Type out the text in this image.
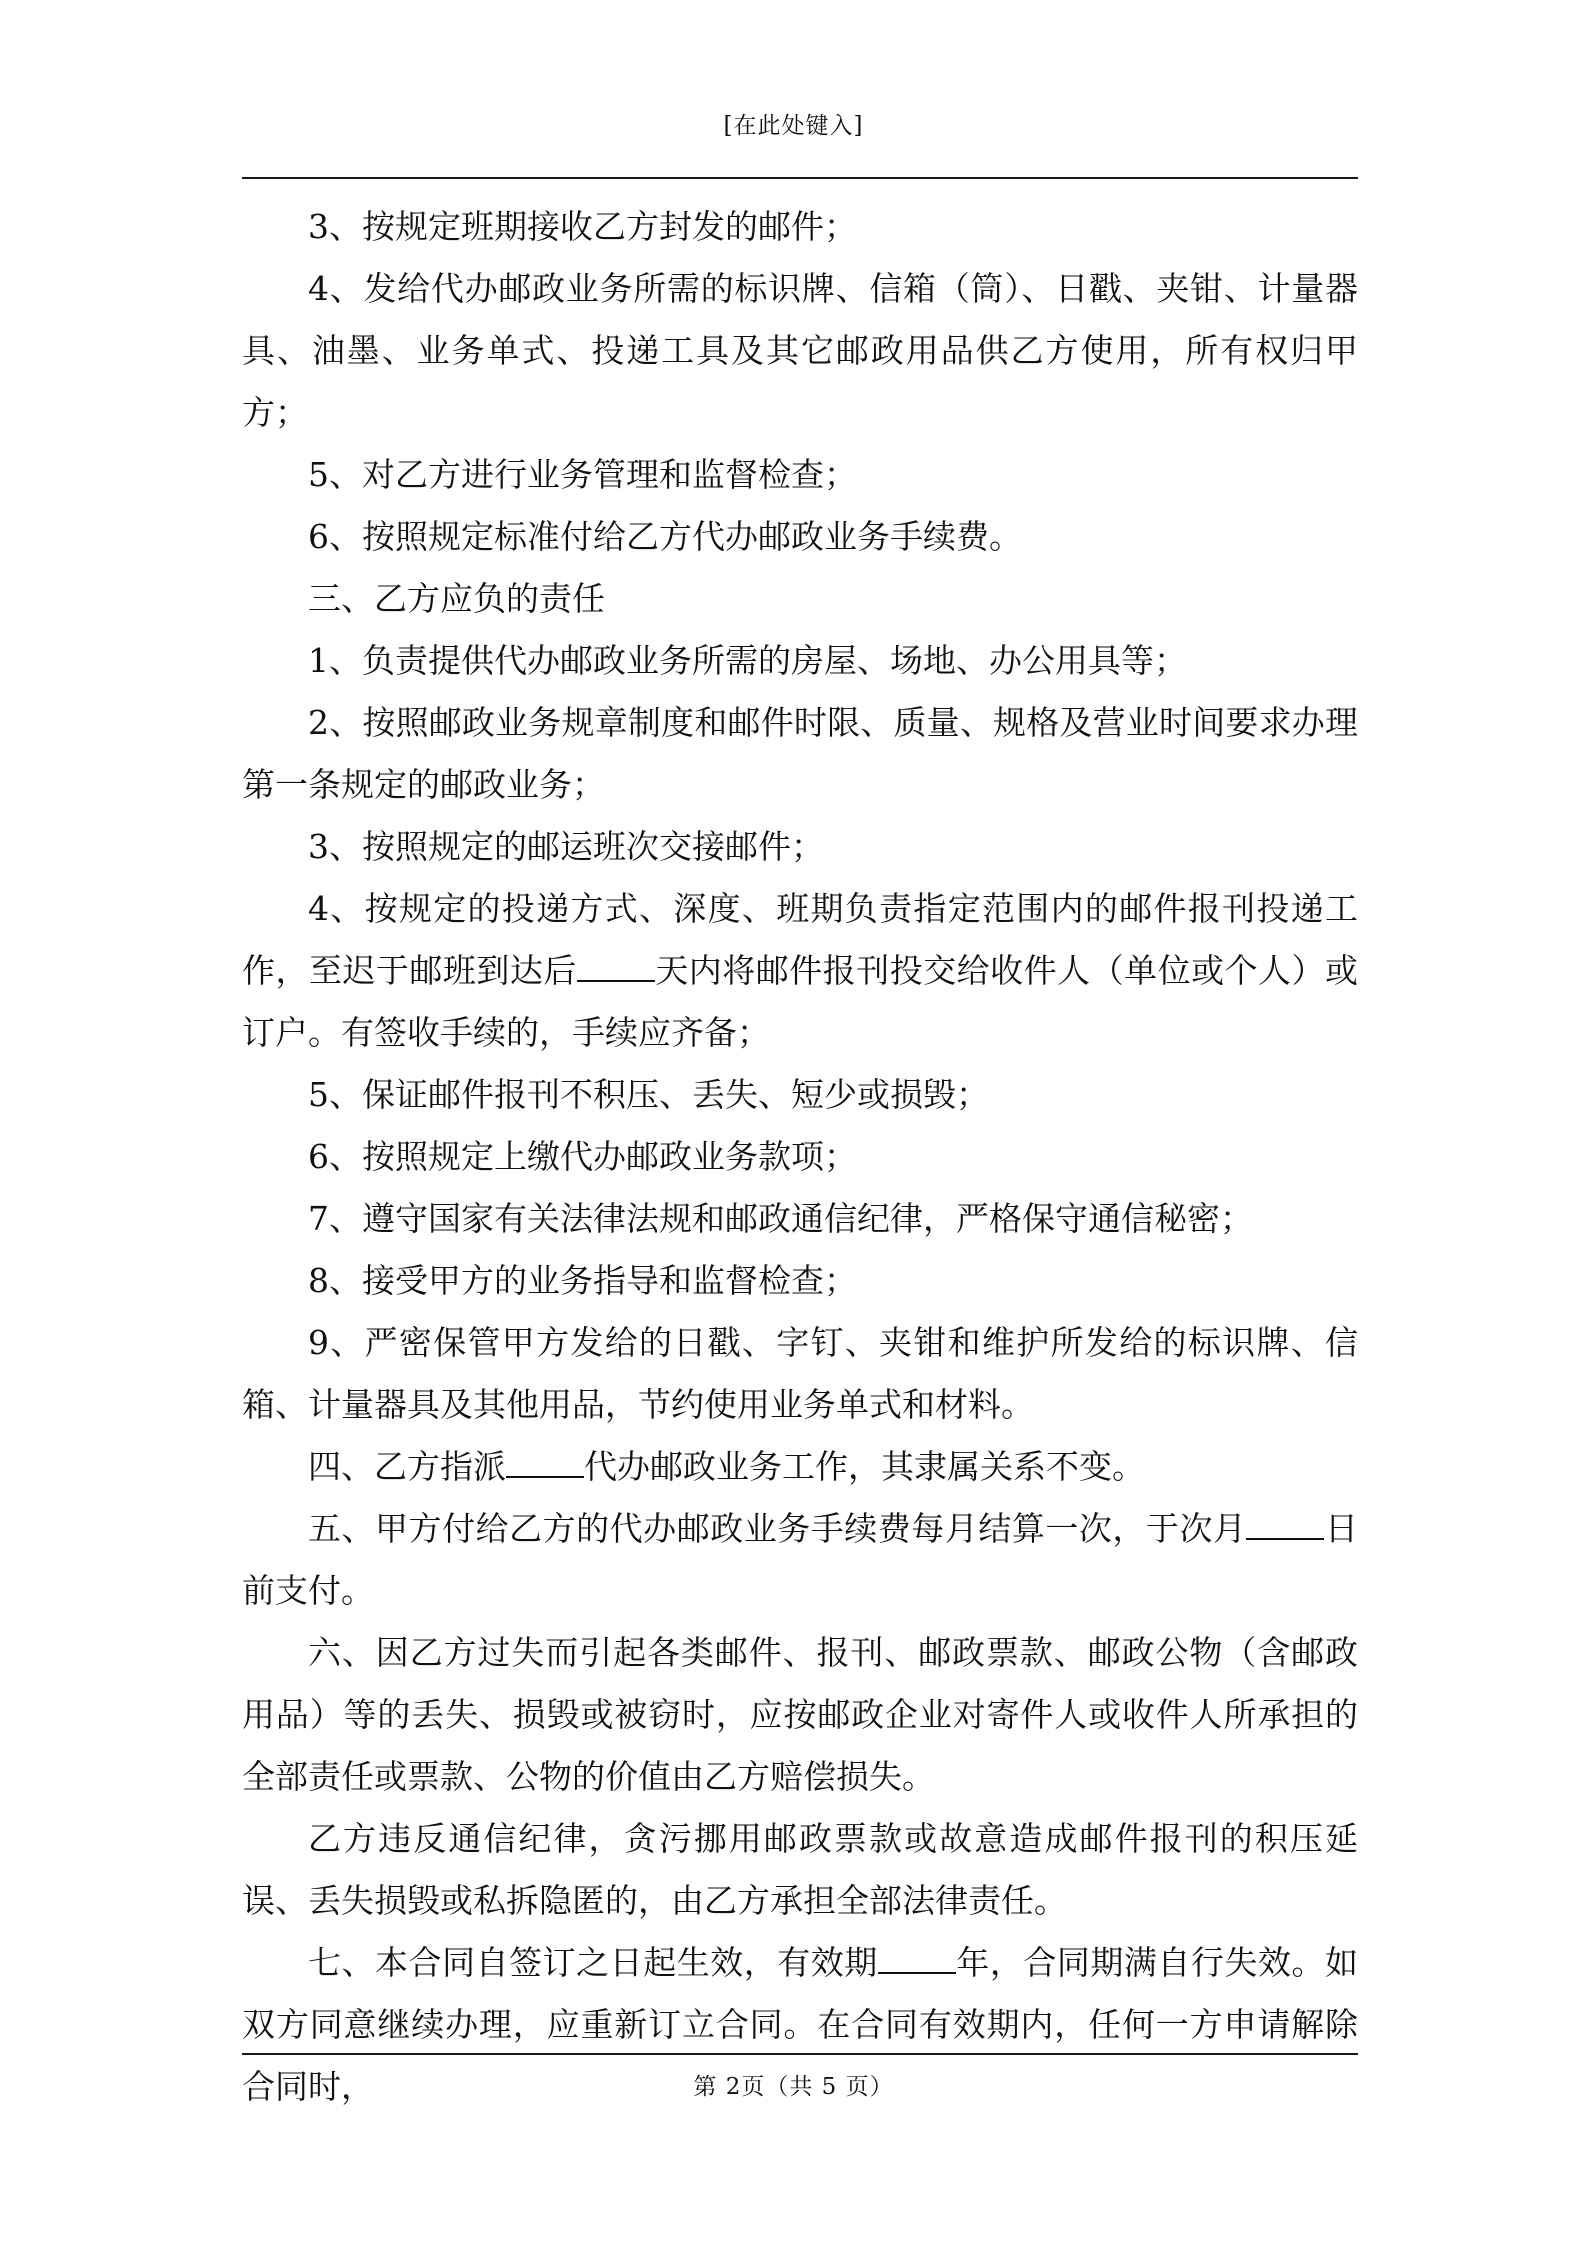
[在此处键入]

3、按规定班期接收乙方封发的邮件；

4、发给代办邮政业务所需的标识牌、信箱（筒）、日戳、夹钳、计量器具、油墨、业务单式、投递工具及其它邮政用品供乙方使用，所有权归甲方；

5、对乙方进行业务管理和监督检查；

6、按照规定标准付给乙方代办邮政业务手续费。

三、乙方应负的责任

1、负责提供代办邮政业务所需的房屋、场地、办公用具等；

2、按照邮政业务规章制度和邮件时限、质量、规格及营业时间要求办理第一条规定的邮政业务；

3、按照规定的邮运班次交接邮件；

4、按规定的投递方式、深度、班期负责指定范围内的邮件报刊投递工作，至迟于邮班到达后 天内将邮件报刊投交给收件人（单位或个人）或订户。有签收手续的，手续应齐备；

5、保证邮件报刊不积压、丢失、短少或损毁；

6、按照规定上缴代办邮政业务款项；

7、遵守国家有关法律法规和邮政通信纪律，严格保守通信秘密；

8、接受甲方的业务指导和监督检查；

9、严密保管甲方发给的日戳、字钉、夹钳和维护所发给的标识牌、信箱、计量器具及其他用品，节约使用业务单式和材料。

四、乙方指派 代办邮政业务工作，其隶属关系不变。

五、甲方付给乙方的代办邮政业务手续费每月结算一次，于次月 日前支付。

六、因乙方过失而引起各类邮件、报刊、邮政票款、邮政公物（含邮政用品）等的丢失、损毁或被窃时，应按邮政企业对寄件人或收件人所承担的全部责任或票款、公物的价值由乙方赔偿损失。

乙方违反通信纪律，贪污挪用邮政票款或故意造成邮件报刊的积压延误、丢失损毁或私拆隐匿的，由乙方承担全部法律责任。

七、本合同自签订之日起生效，有效期 年，合同期满自行失效。如双方同意继续办理，应重新订立合同。在合同有效期内，任何一方申请解除合同时，	第 2页（共 5 页）
